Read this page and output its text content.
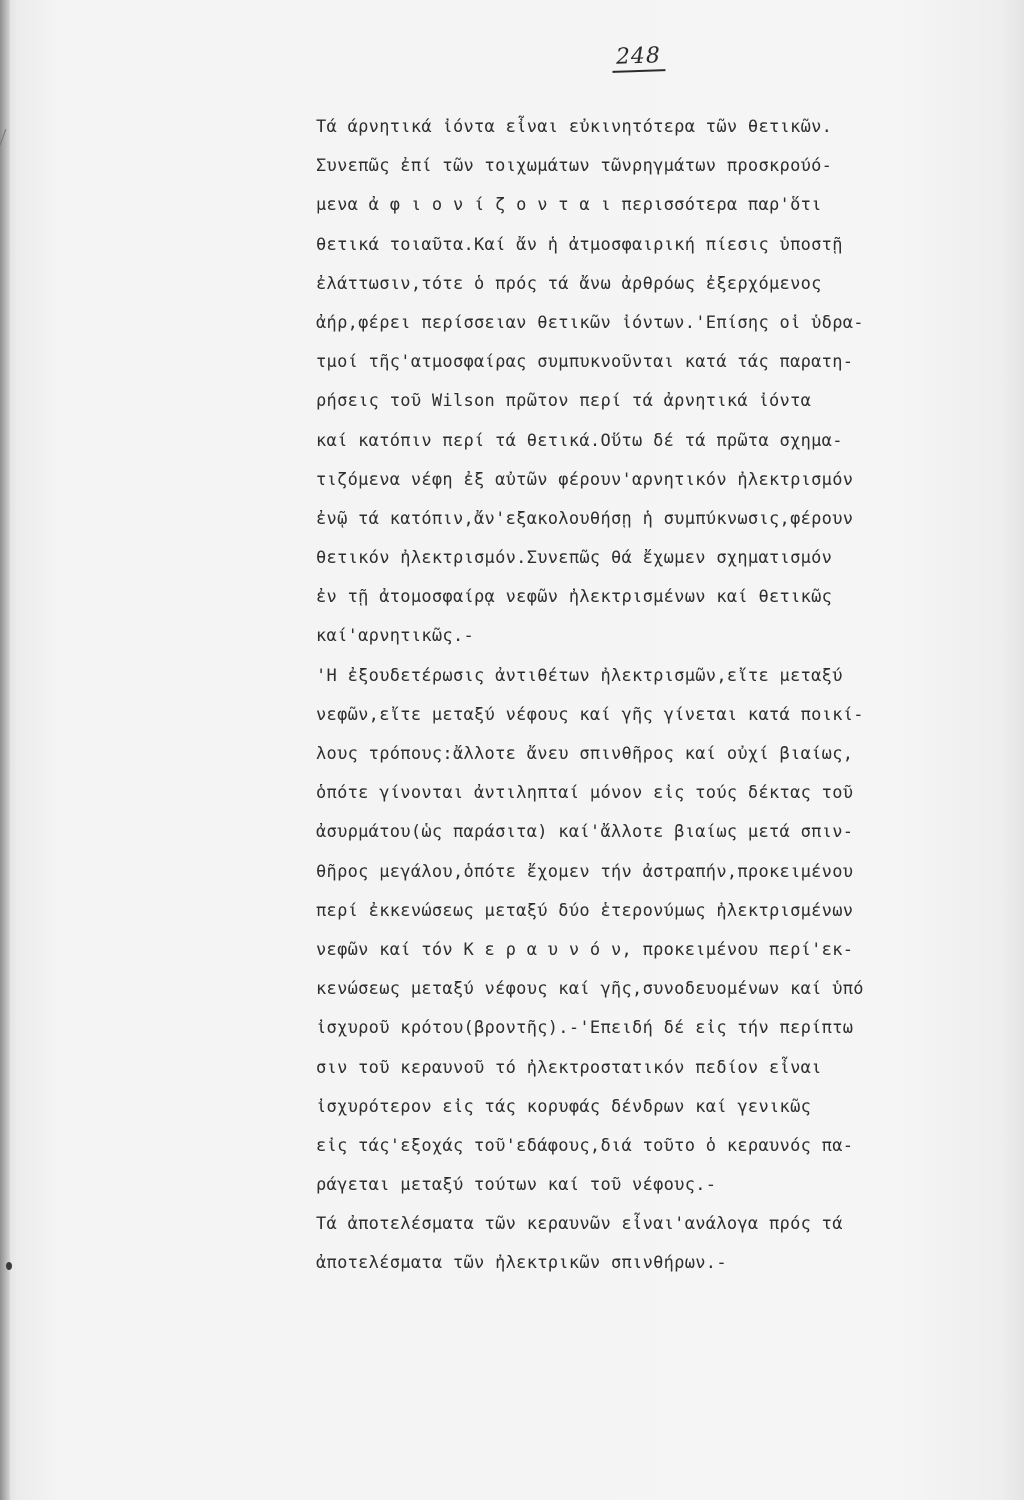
248
Τά άρνητικά ἰόντα εἶναι εὐκινητότερα τῶν θετικῶν.
Συνεπῶς ἐπί τῶν τοιχωμάτων τῶνρηγμάτων προσκρούό-
μενα ἀ φ ι ο ν ί ζ ο ν τ α ι περισσότερα παρ'ὅτι
θετικά τοιαῦτα.Καί ἄν ἡ ἀτμοσφαιρική πίεσις ὑποστῇ
ἐλάττωσιν,τότε ὁ πρός τά ἄνω ἀρθρόως ἐξερχόμενος
ἀήρ,φέρει περίσσειαν θετικῶν ἰόντων.'Επίσης οἱ ὑδρα-
τμοί τῆς'ατμοσφαίρας συμπυκνοῦνται κατά τάς παρατη-
ρήσεις τοῦ Wilson πρῶτον περί τά ἀρνητικά ἰόντα
καί κατόπιν περί τά θετικά.Οὕτω δέ τά πρῶτα σχημα-
τιζόμενα νέφη ἐξ αὐτῶν φέρουν'αρνητικόν ἠλεκτρισμόν
ἐνῷ τά κατόπιν,ἄν'εξακολουθήσῃ ἡ συμπύκνωσις,φέρουν
θετικόν ἠλεκτρισμόν.Συνεπῶς θά ἔχωμεν σχηματισμόν
ἐν τῇ ἀτομοσφαίρᾳ νεφῶν ἠλεκτρισμένων καί θετικῶς
καί'αρνητικῶς.-
'Η ἐξουδετέρωσις ἀντιθέτων ἠλεκτρισμῶν,εἴτε μεταξύ
νεφῶν,εἴτε μεταξύ νέφους καί γῆς γίνεται κατά ποικί-
λους τρόπους:ἄλλοτε ἄνευ σπινθῆρος καί οὐχί βιαίως,
ὁπότε γίνονται ἀντιληπταί μόνον εἰς τούς δέκτας τοῦ
ἀσυρμάτου(ὡς παράσιτα) καί'ἄλλοτε βιαίως μετά σπιν-
θῆρος μεγάλου,ὁπότε ἔχομεν τήν ἀστραπήν,προκειμένου
περί ἐκκενώσεως μεταξύ δύο ἑτερονύμως ἠλεκτρισμένων
νεφῶν καί τόν Κ ε ρ α υ ν ό ν, προκειμένου περί'εκ-
κενώσεως μεταξύ νέφους καί γῆς,συνοδευομένων καί ὑπό
ἰσχυροῦ κρότου(βροντῆς).-'Επειδή δέ εἰς τήν περίπτω
σιν τοῦ κεραυνοῦ τό ἠλεκτροστατικόν πεδίον εἶναι
ἰσχυρότερον εἰς τάς κορυφάς δένδρων καί γενικῶς
εἰς τάς'εξοχάς τοῦ'εδάφους,διά τοῦτο ὁ κεραυνός πα-
ράγεται μεταξύ τούτων καί τοῦ νέφους.-
Τά ἀποτελέσματα τῶν κεραυνῶν εἶναι'ανάλογα πρός τά
ἀποτελέσματα τῶν ἠλεκτρικῶν σπινθήρων.-
